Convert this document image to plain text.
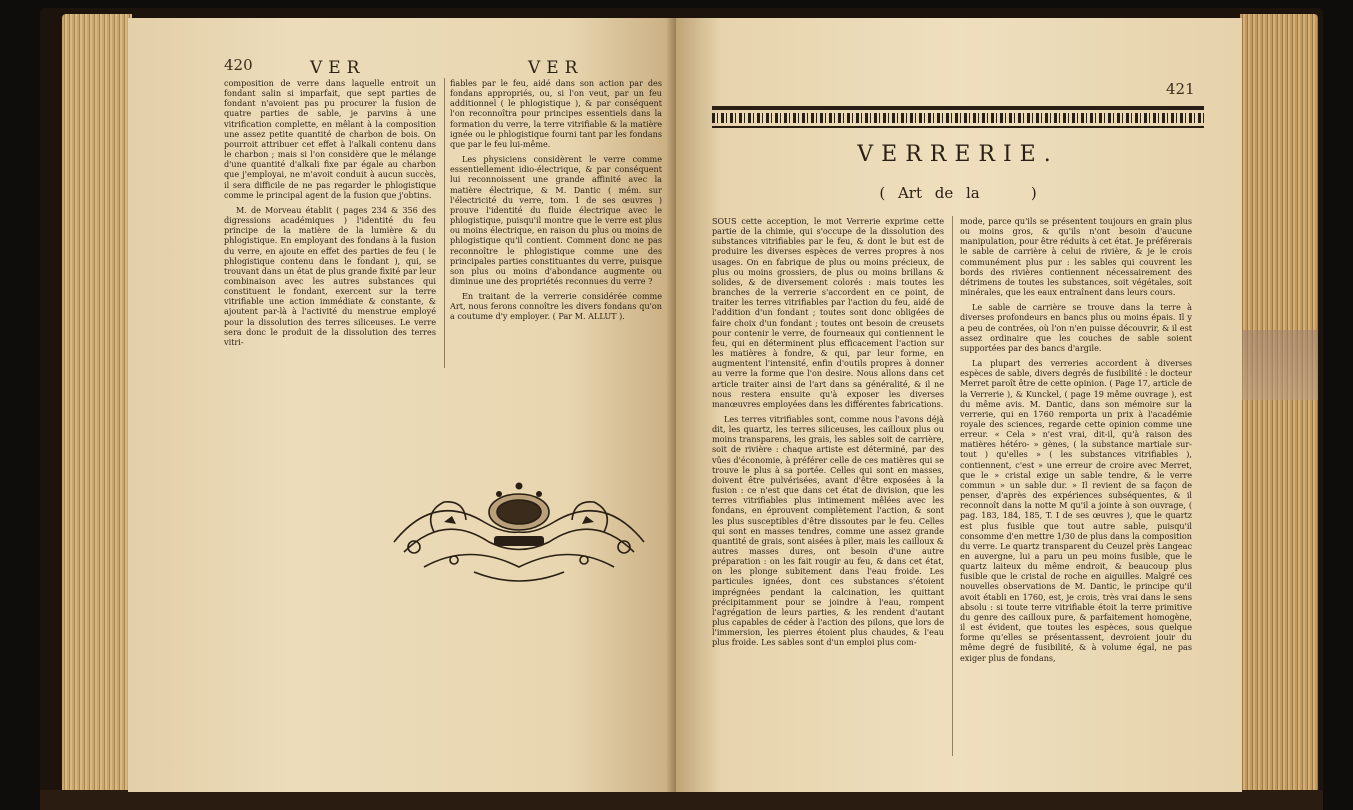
420	VER	VER

composition de verre dans laquelle entroit un fondant salin si imparfait, que sept parties de fondant n'avoient pas pu procurer la fusion de quatre parties de sable, je parvins à une vitrification complette, en mêlant à la composition une assez petite quantité de charbon de bois. On pourroit attribuer cet effet à l'alkali contenu dans le charbon ; mais si l'on considère que le mélange d'une quantité d'alkali fixe par égale au charbon que j'employai, ne m'avoit conduit à aucun succès, il sera difficile de ne pas regarder le phlogistique comme le principal agent de la fusion que j'obtins.

M. de Morveau établit ( pages 234 & 356 des digressions académiques ) l'identité du feu principe de la matière de la lumière & du phlogistique. En employant des fondans à la fusion du verre, en ajoute en effet des parties de feu ( le phlogistique contenu dans le fondant ), qui, se trouvant dans un état de plus grande fixité par leur combinaison avec les autres substances qui constituent le fondant, exercent sur la terre vitrifiable une action immédiate & constante, & ajoutent par-là à l'activité du menstrue employé pour la dissolution des terres siliceuses. Le verre sera donc le produit de la dissolution des terres vitri-

fiables par le feu, aidé dans son action par des fondans appropriés, ou, si l'on veut, par un feu additionnel ( le phlogistique ), & par conséquent l'on reconnoîtra pour principes essentiels dans la formation du verre, la terre vitrifiable & la matière ignée ou le phlogistique fourni tant par les fondans que par le feu lui-même.

Les physiciens considèrent le verre comme essentiellement idio-électrique, & par conséquent lui reconnoissent une grande affinité avec la matière électrique, & M. Dantic ( mém. sur l'électricité du verre, tom. 1 de ses œuvres ) prouve l'identité du fluide électrique avec le phlogistique, puisqu'il montre que le verre est plus ou moins électrique, en raison du plus ou moins de phlogistique qu'il contient. Comment donc ne pas reconnoître le phlogistique comme une des principales parties constituantes du verre, puisque son plus ou moins d'abondance augmente ou diminue une des propriétés reconnues du verre ?

En traitant de la verrerie considérée comme Art, nous ferons connoître les divers fondans qu'on a coutume d'y employer. ( Par M. ALLUT ).

421
VERRERIE.
( Art de la	)

SOUS cette acception, le mot Verrerie exprime cette partie de la chimie, qui s'occupe de la dissolution des substances vitrifiables par le feu, & dont le but est de produire les diverses espèces de verres propres à nos usages. On en fabrique de plus ou moins précieux, de plus ou moins grossiers, de plus ou moins brillans & solides, & de diversement colorés : mais toutes les branches de la verrerie s'accordent en ce point, de traiter les terres vitrifiables par l'action du feu, aidé de l'addition d'un fondant ; toutes sont donc obligées de faire choix d'un fondant ; toutes ont besoin de creusets pour contenir le verre, de fourneaux qui contiennent le feu, qui en déterminent plus efficacement l'action sur les matières à fondre, & qui, par leur forme, en augmentent l'intensité, enfin d'outils propres à donner au verre la forme que l'on desire. Nous allons dans cet article traiter ainsi de l'art dans sa généralité, & il ne nous restera ensuite qu'à exposer les diverses manœuvres employées dans les différentes fabrications.

Les terres vitrifiables sont, comme nous l'avons déjà dit, les quartz, les terres siliceuses, les cailloux plus ou moins transparens, les grais, les sables soit de carrière, soit de rivière : chaque artiste est déterminé, par des vûes d'économie, à préférer celle de ces matières qui se trouve le plus à sa portée. Celles qui sont en masses, doivent être pulvérisées, avant d'être exposées à la fusion : ce n'est que dans cet état de division, que les terres vitrifiables plus intimement mêlées avec les fondans, en éprouvent complètement l'action, & sont les plus susceptibles d'être dissoutes par le feu. Celles qui sont en masses tendres, comme une assez grande quantité de grais, sont aisées à piler, mais les cailloux & autres masses dures, ont besoin d'une autre préparation : on les fait rougir au feu, & dans cet état, on les plonge subitement dans l'eau froide. Les particules ignées, dont ces substances s'étoient imprégnées pendant la calcination, les quittant précipitamment pour se joindre à l'eau, rompent l'agrégation de leurs parties, & les rendent d'autant plus capables de céder à l'action des pilons, que lors de l'immersion, les pierres étoient plus chaudes, & l'eau plus froide. Les sables sont d'un emploi plus com-

mode, parce qu'ils se présentent toujours en grain plus ou moins gros, & qu'ils n'ont besoin d'aucune manipulation, pour être réduits à cet état. Je préférerais le sable de carrière à celui de rivière, & je le crois communément plus pur : les sables qui couvrent les bords des rivières contiennent nécessairement des détrimens de toutes les substances, soit végétales, soit minérales, que les eaux entraînent dans leurs cours.

Le sable de carrière se trouve dans la terre à diverses profondeurs en bancs plus ou moins épais. Il y a peu de contrées, où l'on n'en puisse découvrir, & il est assez ordinaire que les couches de sable soient supportées par des bancs d'argile.

La plupart des verreries accordent à diverses espèces de sable, divers degrés de fusibilité : le docteur Merret paroît être de cette opinion. ( Page 17, article de la Verrerie ), & Kunckel, ( page 19 même ouvrage ), est du même avis. M. Dantic, dans son mémoire sur la verrerie, qui en 1760 remporta un prix à l'académie royale des sciences, regarde cette opinion comme une erreur. « Cela » n'est vrai, dit-il, qu'à raison des matières hétéro- » gènes, ( la substance martiale sur-tout ) qu'elles » ( les substances vitrifiables ), contiennent, c'est » une erreur de croire avec Merret, que le » cristal exige un sable tendre, & le verre commun » un sable dur. » Il revient de sa façon de penser, d'après des expériences subséquentes, & il reconnoît dans la notte M qu'il a jointe à son ouvrage, ( pag. 183, 184, 185, T. I de ses œuvres ), que le quartz est plus fusible que tout autre sable, puisqu'il consomme d'en mettre 1/30 de plus dans la composition du verre. Le quartz transparent du Ceuzel près Langeac en auvergne, lui a paru un peu moins fusible, que le quartz laiteux du même endroit, & beaucoup plus fusible que le cristal de roche en aiguilles. Malgré ces nouvelles observations de M. Dantic, le principe qu'il avoit établi en 1760, est, je crois, très vrai dans le sens absolu : si toute terre vitrifiable étoit la terre primitive du genre des cailloux pure, & parfaitement homogène, il est évident, que toutes les espèces, sous quelque forme qu'elles se présentassent, devroient jouir du même degré de fusibilité, & à volume égal, ne pas exiger plus de fondans,
